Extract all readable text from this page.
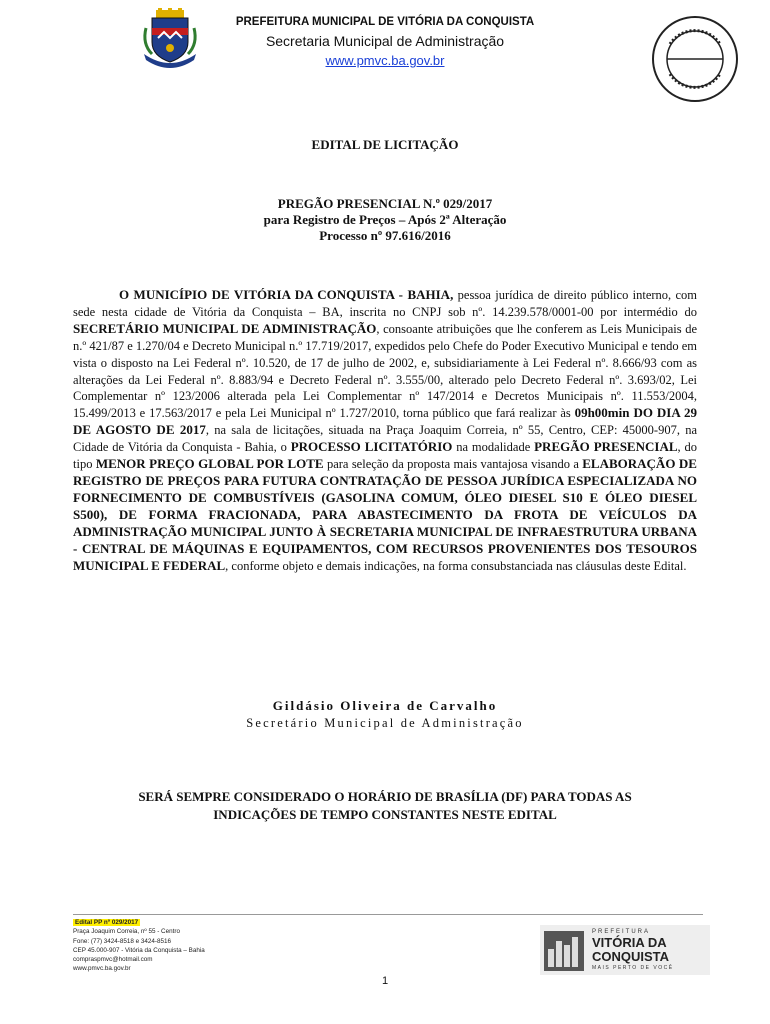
PREFEITURA MUNICIPAL DE VITÓRIA DA CONQUISTA
Secretaria Municipal de Administração
www.pmvc.ba.gov.br
EDITAL DE LICITAÇÃO
PREGÃO PRESENCIAL N.º 029/2017
para Registro de Preços – Após 2ª Alteração
Processo nº 97.616/2016
O MUNICÍPIO DE VITÓRIA DA CONQUISTA - BAHIA, pessoa jurídica de direito público interno, com sede nesta cidade de Vitória da Conquista – BA, inscrita no CNPJ sob nº. 14.239.578/0001-00 por intermédio do SECRETÁRIO MUNICIPAL DE ADMINISTRAÇÃO, consoante atribuições que lhe conferem as Leis Municipais de n.º 421/87 e 1.270/04 e Decreto Municipal n.º 17.719/2017, expedidos pelo Chefe do Poder Executivo Municipal e tendo em vista o disposto na Lei Federal nº. 10.520, de 17 de julho de 2002, e, subsidiariamente à Lei Federal nº. 8.666/93 com as alterações da Lei Federal nº. 8.883/94 e Decreto Federal nº. 3.555/00, alterado pelo Decreto Federal nº. 3.693/02, Lei Complementar nº 123/2006 alterada pela Lei Complementar nº 147/2014 e Decretos Municipais nº. 11.553/2004, 15.499/2013 e 17.563/2017 e pela Lei Municipal nº 1.727/2010, torna público que fará realizar às 09h00min DO DIA 29 DE AGOSTO DE 2017, na sala de licitações, situada na Praça Joaquim Correia, nº 55, Centro, CEP: 45000-907, na Cidade de Vitória da Conquista - Bahia, o PROCESSO LICITATÓRIO na modalidade PREGÃO PRESENCIAL, do tipo MENOR PREÇO GLOBAL POR LOTE para seleção da proposta mais vantajosa visando a ELABORAÇÃO DE REGISTRO DE PREÇOS PARA FUTURA CONTRATAÇÃO DE PESSOA JURÍDICA ESPECIALIZADA NO FORNECIMENTO DE COMBUSTÍVEIS (GASOLINA COMUM, ÓLEO DIESEL S10 E ÓLEO DIESEL S500), DE FORMA FRACIONADA, PARA ABASTECIMENTO DA FROTA DE VEÍCULOS DA ADMINISTRAÇÃO MUNICIPAL JUNTO À SECRETARIA MUNICIPAL DE INFRAESTRUTURA URBANA - CENTRAL DE MÁQUINAS E EQUIPAMENTOS, COM RECURSOS PROVENIENTES DOS TESOUROS MUNICIPAL E FEDERAL, conforme objeto e demais indicações, na forma consubstanciada nas cláusulas deste Edital.
Gildásio Oliveira de Carvalho
Secretário Municipal de Administração
SERÁ SEMPRE CONSIDERADO O HORÁRIO DE BRASÍLIA (DF) PARA TODAS AS
INDICAÇÕES DE TEMPO CONSTANTES NESTE EDITAL
Edital PP nº 029/2017
Praça Joaquim Correia, nº 55 - Centro
Fone: (77) 3424-8518 e 3424-8516
CEP 45.000-907 - Vitória da Conquista – Bahia
compraspmvc@hotmail.com
www.pmvc.ba.gov.br
PREFEITURA
VITÓRIA DA
CONQUISTA
MAIS PERTO DE VOCÊ
1
